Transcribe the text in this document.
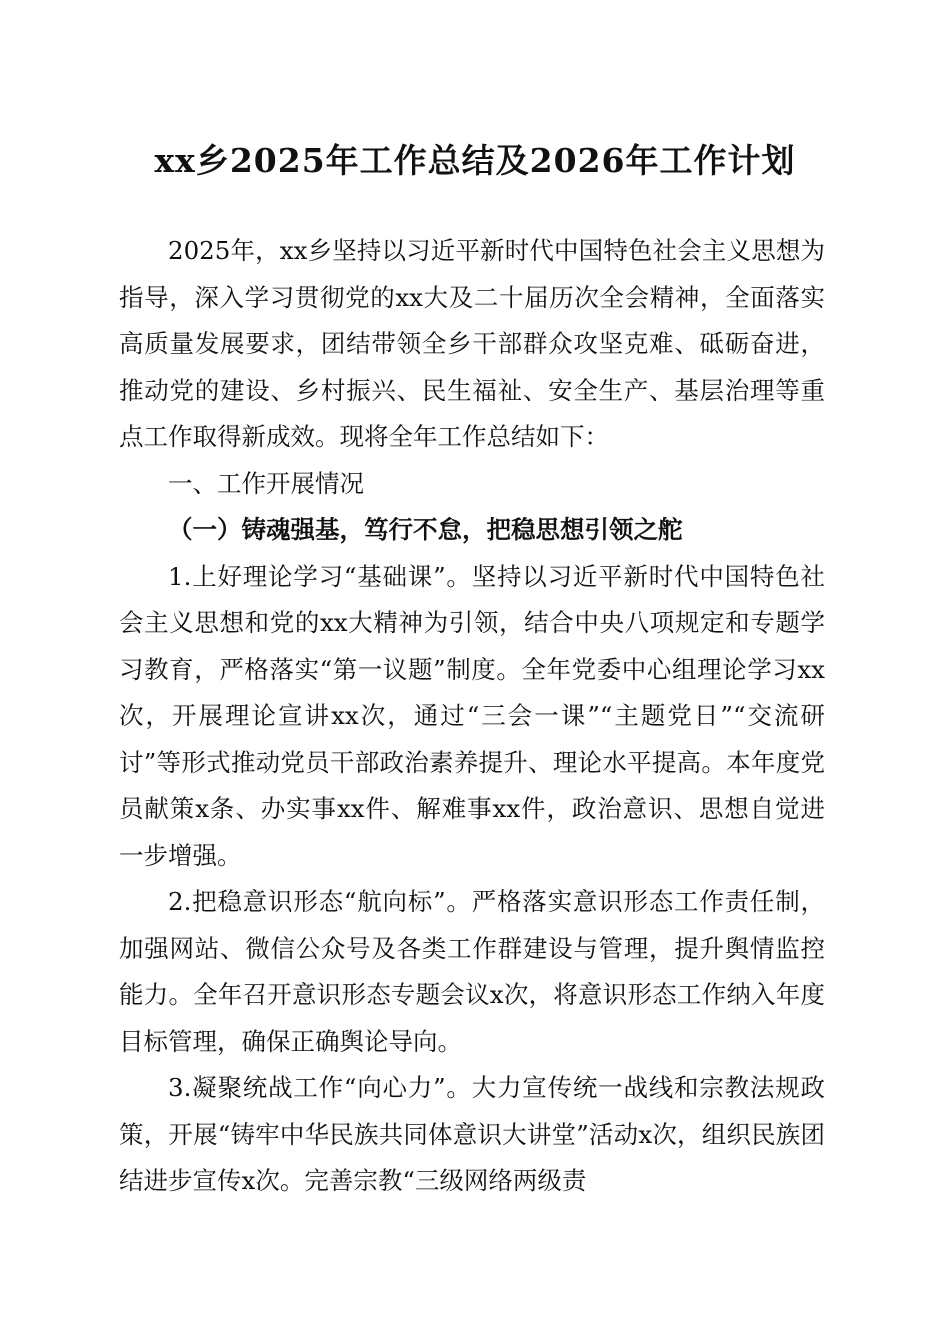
xx乡2025年工作总结及2026年工作计划

2025年，xx乡坚持以习近平新时代中国特色社会主义思想为指导，深入学习贯彻党的xx大及二十届历次全会精神，全面落实高质量发展要求，团结带领全乡干部群众攻坚克难、砥砺奋进，推动党的建设、乡村振兴、民生福祉、安全生产、基层治理等重点工作取得新成效。现将全年工作总结如下：

一、工作开展情况

（一）铸魂强基，笃行不怠，把稳思想引领之舵

1.上好理论学习“基础课”。坚持以习近平新时代中国特色社会主义思想和党的xx大精神为引领，结合中央八项规定和专题学习教育，严格落实“第一议题”制度。全年党委中心组理论学习xx次，开展理论宣讲xx次，通过“三会一课”“主题党日”“交流研讨”等形式推动党员干部政治素养提升、理论水平提高。本年度党员献策x条、办实事xx件、解难事xx件，政治意识、思想自觉进一步增强。

2.把稳意识形态“航向标”。严格落实意识形态工作责任制，加强网站、微信公众号及各类工作群建设与管理，提升舆情监控能力。全年召开意识形态专题会议x次，将意识形态工作纳入年度目标管理，确保正确舆论导向。

3.凝聚统战工作“向心力”。大力宣传统一战线和宗教法规政策，开展“铸牢中华民族共同体意识大讲堂”活动x次，组织民族团结进步宣传x次。完善宗教“三级网络两级责
